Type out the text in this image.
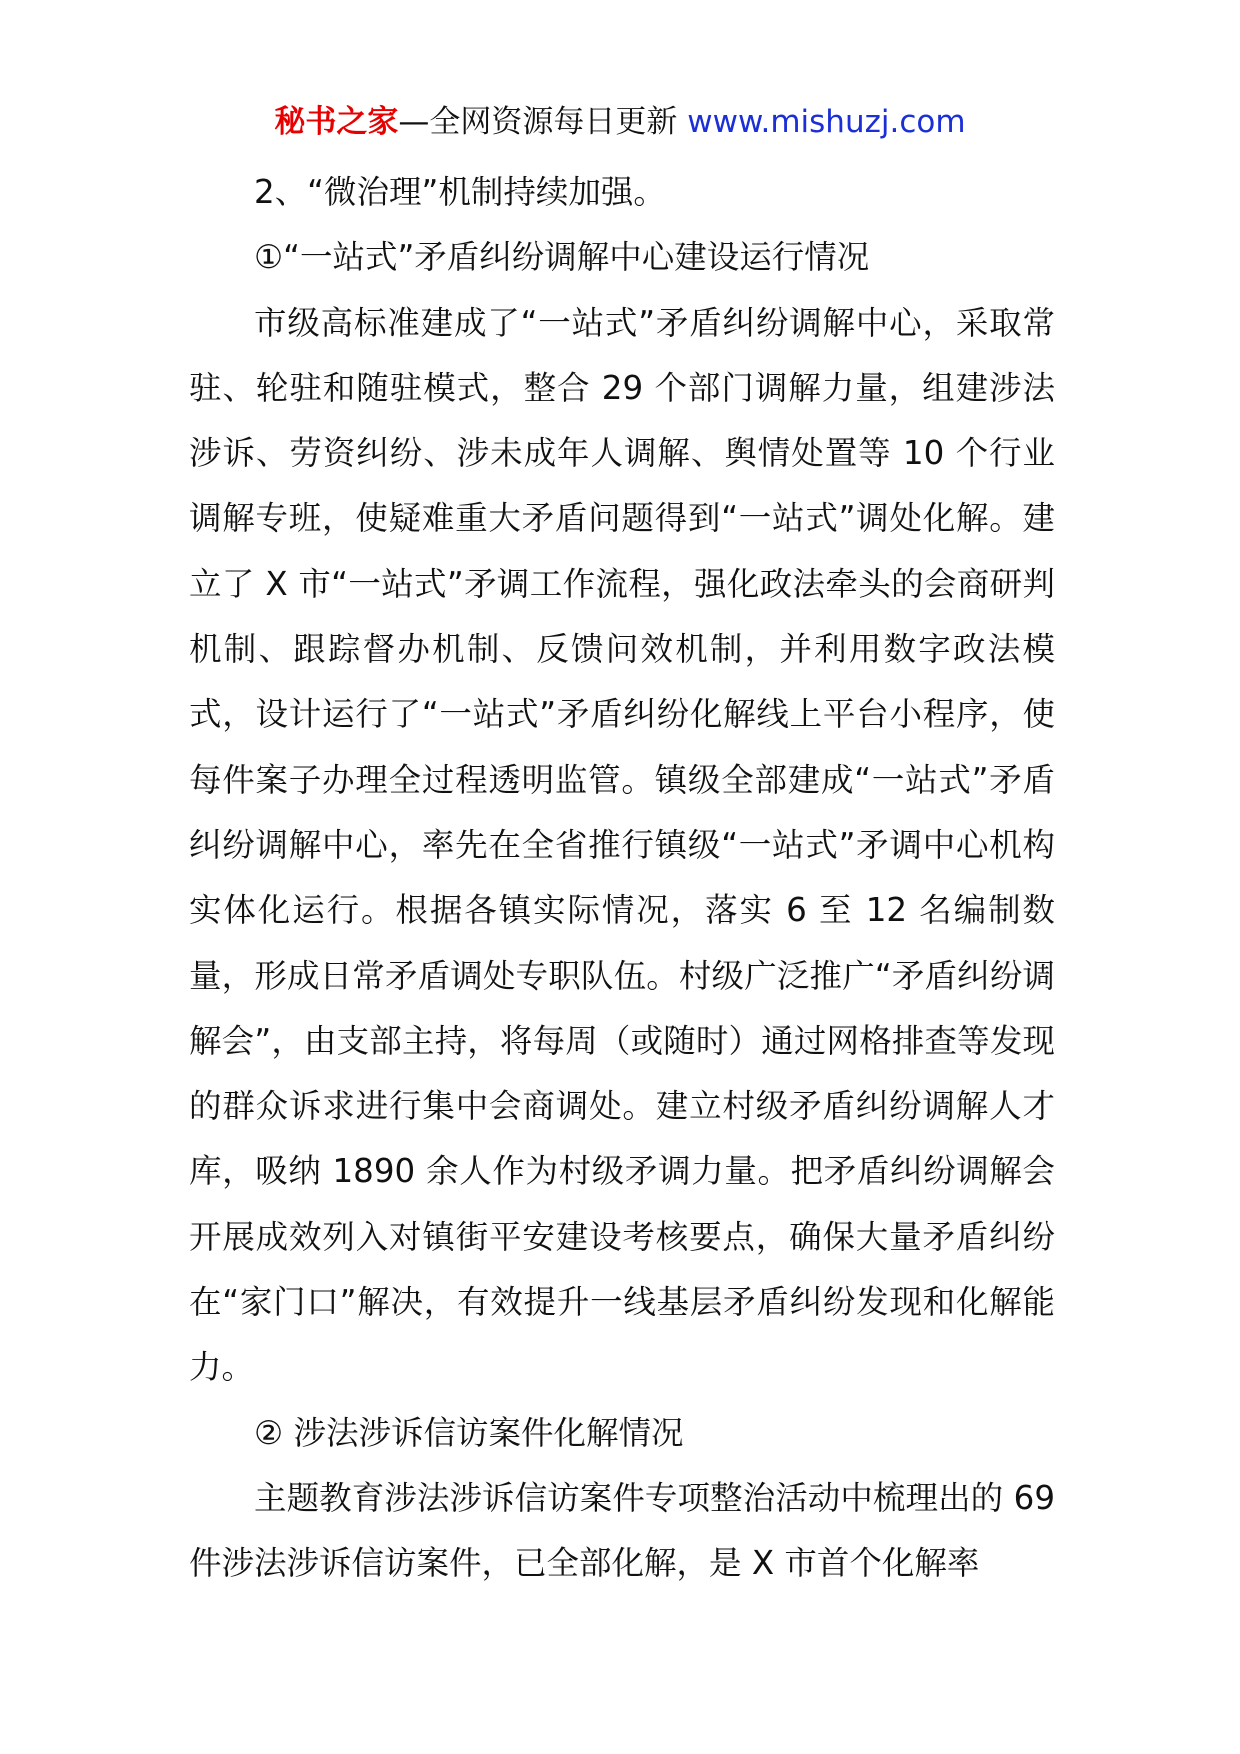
秘书之家—全网资源每日更新 www.mishuzj.com

2、“微治理”机制持续加强。

①“一站式”矛盾纠纷调解中心建设运行情况

市级高标准建成了“一站式”矛盾纠纷调解中心，采取常驻、轮驻和随驻模式，整合 29 个部门调解力量，组建涉法涉诉、劳资纠纷、涉未成年人调解、舆情处置等 10 个行业调解专班，使疑难重大矛盾问题得到“一站式”调处化解。建立了 X 市“一站式”矛调工作流程，强化政法牵头的会商研判机制、跟踪督办机制、反馈问效机制，并利用数字政法模式，设计运行了“一站式”矛盾纠纷化解线上平台小程序，使每件案子办理全过程透明监管。镇级全部建成“一站式”矛盾纠纷调解中心，率先在全省推行镇级“一站式”矛调中心机构实体化运行。根据各镇实际情况，落实 6 至 12 名编制数量，形成日常矛盾调处专职队伍。村级广泛推广“矛盾纠纷调解会”，由支部主持，将每周（或随时）通过网格排查等发现的群众诉求进行集中会商调处。建立村级矛盾纠纷调解人才库，吸纳 1890 余人作为村级矛调力量。把矛盾纠纷调解会开展成效列入对镇街平安建设考核要点，确保大量矛盾纠纷在“家门口”解决，有效提升一线基层矛盾纠纷发现和化解能力。

② 涉法涉诉信访案件化解情况

主题教育涉法涉诉信访案件专项整治活动中梳理出的 69 件涉法涉诉信访案件，已全部化解，是 X 市首个化解率
